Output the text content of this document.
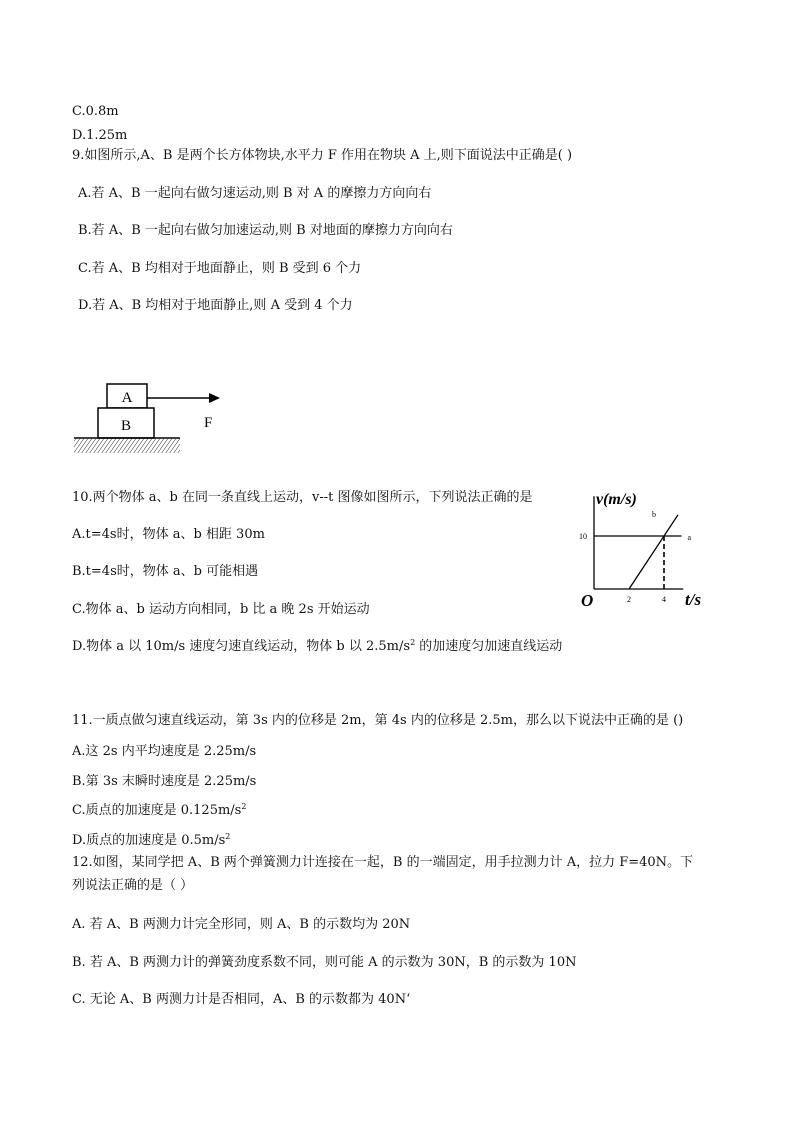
C.0.8m
D.1.25m
9.如图所示,A、B 是两个长方体物块,水平力 F 作用在物块 A 上,则下面说法中正确是( )
A.若 A、B 一起向右做匀速运动,则 B 对 A 的摩擦力方向向右
B.若 A、B 一起向右做匀加速运动,则 B 对地面的摩擦力方向向右
C.若 A、B 均相对于地面静止，则 B 受到 6 个力
D.若 A、B 均相对于地面静止,则 A 受到 4 个力
A
B	F
10.两个物体 a、b 在同一条直线上运动，v--t 图像如图所示，下列说法正确的是
A.t=4s时，物体 a、b 相距 30m
B.t=4s时，物体 a、b 可能相遇
C.物体 a、b 运动方向相同，b 比 a 晚 2s 开始运动
D.物体 a 以 10m/s 速度匀速直线运动，物体 b 以 $2.5m/s^2$ 的加速度匀加速直线运动
t/s
v(m/s)
O
10
2	4
a
b
11.一质点做匀速直线运动，第 3s 内的位移是 2m，第 4s 内的位移是 2.5m，那么以下说法中正确的是 ()
A.这 2s 内平均速度是 2.25m/s
B.第 3s 末瞬时速度是 2.25m/s
C.质点的加速度是 $0.125m/s^2$
D.质点的加速度是 $0.5m/s^2$
12.如图，某同学把 A、B 两个弹簧测力计连接在一起，B 的一端固定，用手拉测力计 A，拉力 F=40N。下
列说法正确的是（ ）
A. 若 A、B 两测力计完全形同，则 A、B 的示数均为 20N
B. 若 A、B 两测力计的弹簧劲度系数不同，则可能 A 的示数为 30N，B 的示数为 10N
C. 无论 A、B 两测力计是否相同，A、B 的示数都为 40N‘
